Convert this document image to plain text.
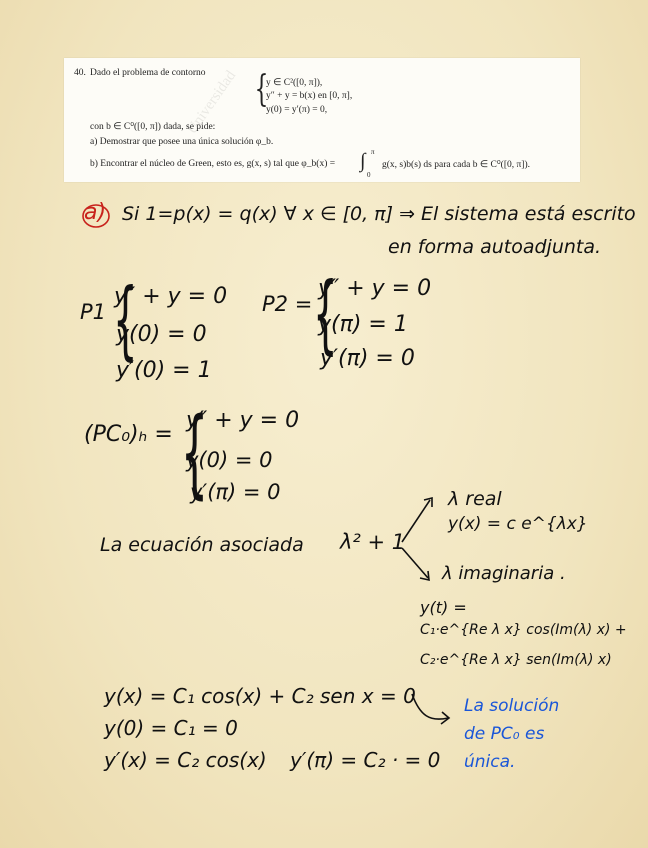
Universidad
40. Dado el problema de contorno {
y ∈ C²([0, π]),
y″ + y = b(x) en [0, π],
y(0) = y′(π) = 0,
con b ∈ C⁰([0, π]) dada, se pide:
a) Demostrar que posee una única solución φ_b.
b) Encontrar el núcleo de Green, esto es, g(x, s) tal que φ_b(x) = ∫ π
0
g(x, s)b(s) ds para cada b ∈ C⁰([0, π]).
a) Si 1=p(x) = q(x) ∀ x ∈ [0, π] ⇒ El sistema está escrito
en forma autoadjunta.
P1 {
y″ + y = 0
y(0) = 0
y′(0) = 1
P2 = {
y″ + y = 0
y(π) = 1
y′(π) = 0
(PC₀)ₕ = {
y″ + y = 0
y(0) = 0
y′(π) = 0	λ real
y(x) = c e^{λx}
La ecuación asociada λ² + 1
λ imaginaria .
y(t) =
C₁·e^{Re λ x} cos(Im(λ) x) +
C₂·e^{Re λ x} sen(Im(λ) x)
y(x) = C₁ cos(x) + C₂ sen x = 0
y(0) = C₁ = 0
y′(x) = C₂ cos(x) y′(π) = C₂ · = 0
La solución
de PC₀ es
única.
